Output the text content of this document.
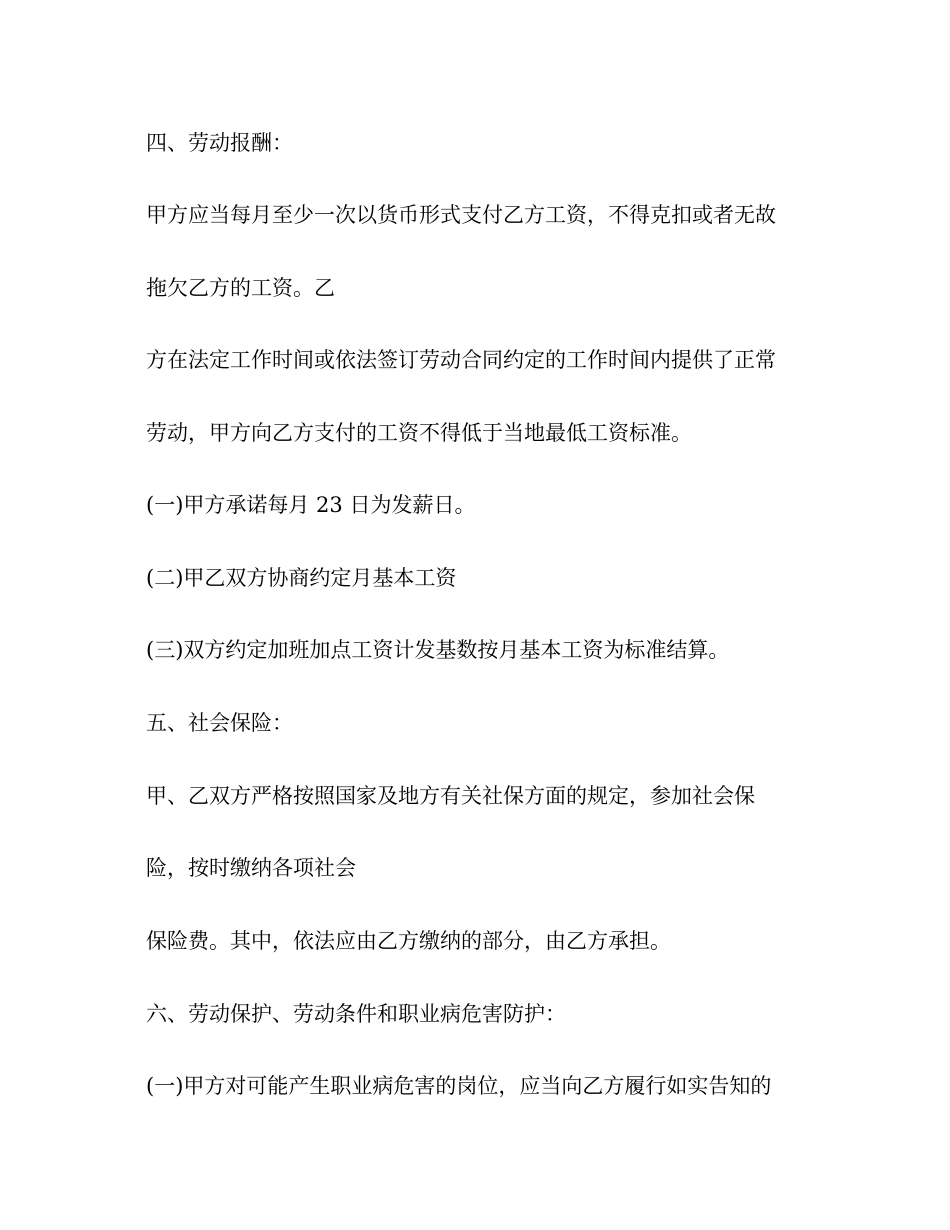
四、劳动报酬：

甲方应当每月至少一次以货币形式支付乙方工资，不得克扣或者无故

拖欠乙方的工资。乙

方在法定工作时间或依法签订劳动合同约定的工作时间内提供了正常

劳动，甲方向乙方支付的工资不得低于当地最低工资标准。

(一)甲方承诺每月 23 日为发薪日。

(二)甲乙双方协商约定月基本工资

(三)双方约定加班加点工资计发基数按月基本工资为标准结算。

五、社会保险：

甲、乙双方严格按照国家及地方有关社保方面的规定，参加社会保

险，按时缴纳各项社会

保险费。其中，依法应由乙方缴纳的部分，由乙方承担。

六、劳动保护、劳动条件和职业病危害防护：

(一)甲方对可能产生职业病危害的岗位，应当向乙方履行如实告知的
